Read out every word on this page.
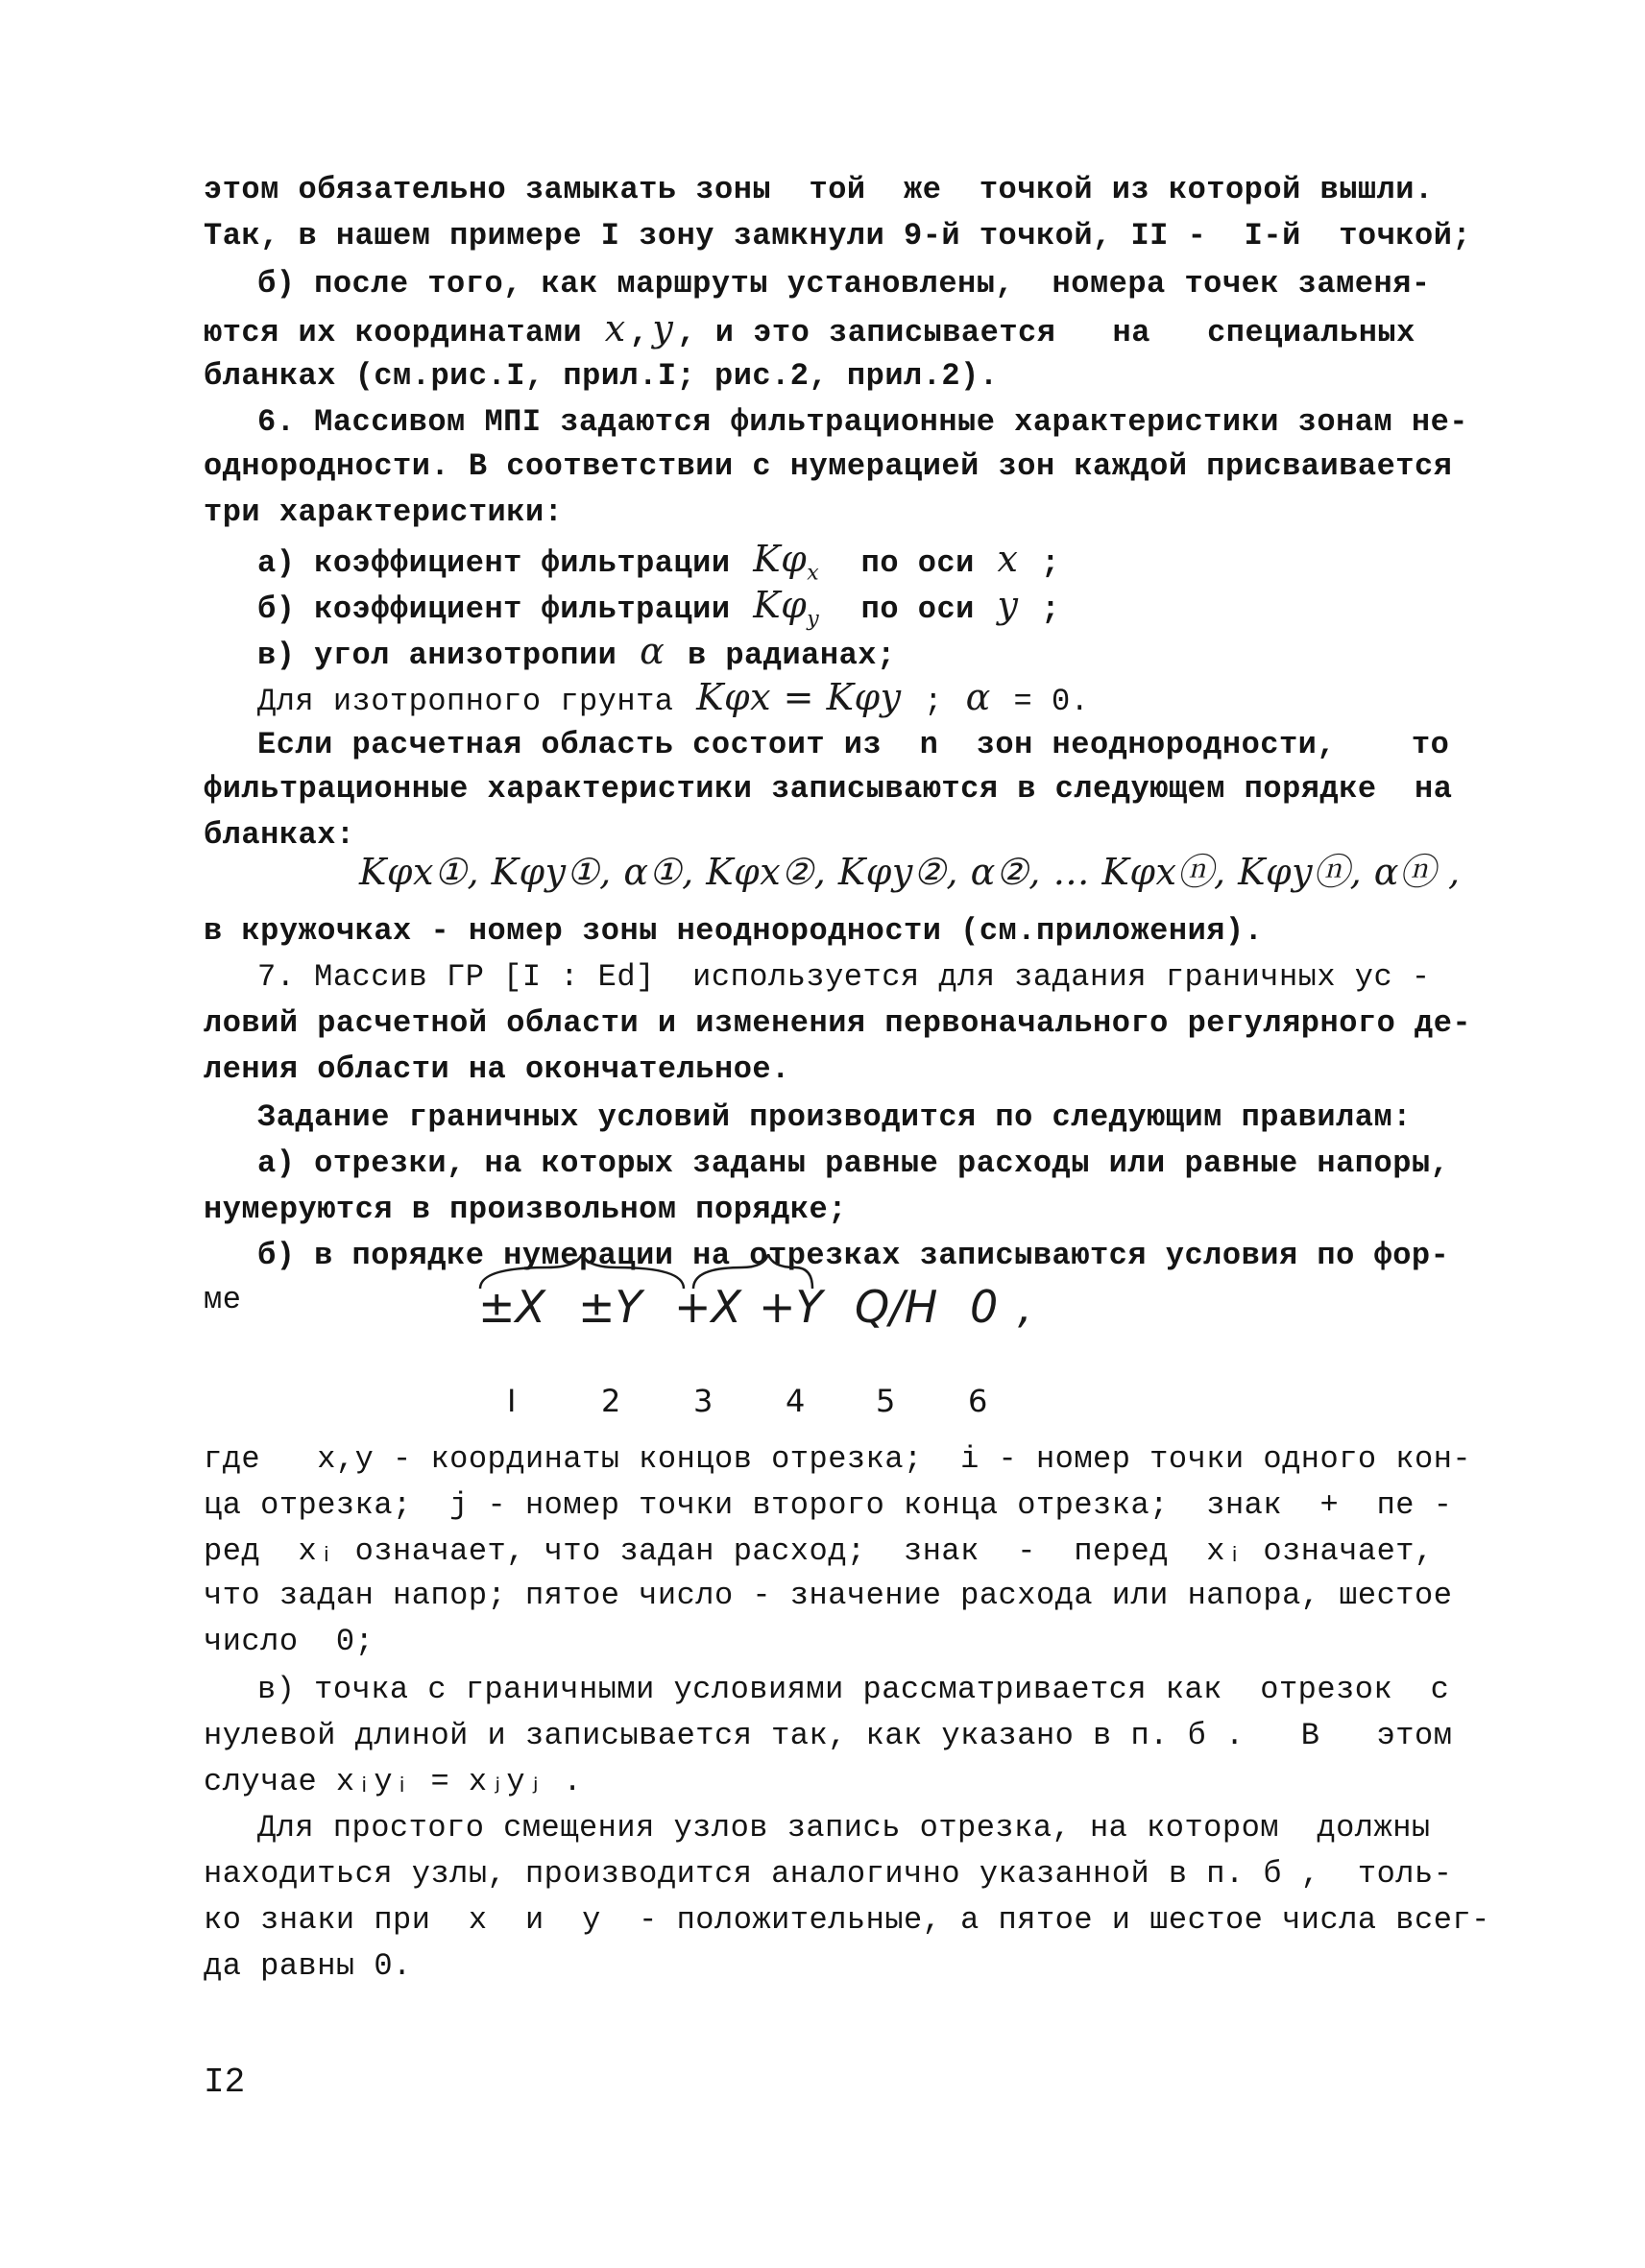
этом обязательно замыкать зоны  той  же  точкой из которой вышли.
Так, в нашем примере I зону замкнули 9-й точкой, II -  I-й  точкой;
б) после того, как маршруты установлены,  номера точек заменя-
ются их координатами x , y , и это записывается   на   специальных
бланках (см.рис.I, прил.I; рис.2, прил.2).
6. Массивом МПI задаются фильтрационные характеристики зонам не-
однородности. В соответствии с нумерацией зон каждой присваивается
три характеристики:
а) коэффициент фильтрации $K\varphi_x$  по оси x ;
б) коэффициент фильтрации $K\varphi_y$  по оси y ;
в) угол анизотропии α в радианах;
Для изотропного грунта Kφx = Kφy ; α = 0.
Если расчетная область состоит из  n  зон неоднородности,    то
фильтрационные характеристики записываются в следующем порядке  на
бланках:
Kφx①, Kφy①, α①, Kφx②, Kφy②, α②, … Kφxⓝ, Kφyⓝ, αⓝ ,
в кружочках - номер зоны неоднородности (см.приложения).
7. Массив ГР [I : Ed]  используется для задания граничных ус -
ловий расчетной области и изменения первоначального регулярного де-
ления области на окончательное.
Задание граничных условий производится по следующим правилам:
а) отрезки, на которых заданы равные расходы или равные напоры,
нумеруются в произвольном порядке;
б) в порядке нумерации на отрезках записываются условия по фор-
ме	±X ±Y +X +Y Q/H 0 ,
I	2 3 4 5 6
где   x,y - координаты концов отрезка;  i - номер точки одного кон-
ца отрезка;  j - номер точки второго конца отрезка;  знак  +  пе -
ред  xᵢ означает, что задан расход;  знак  -  перед  xᵢ означает,
что задан напор; пятое число - значение расхода или напора, шестое
число  0;
в) точка с граничными условиями рассматривается как  отрезок  с
нулевой длиной и записывается так, как указано в п. б .   В   этом
случае xᵢyᵢ = xⱼyⱼ .
Для простого смещения узлов запись отрезка, на котором  должны
находиться узлы, производится аналогично указанной в п. б ,  толь-
ко знаки при  x  и  y  - положительные, а пятое и шестое числа всег-
да равны 0.
I2
